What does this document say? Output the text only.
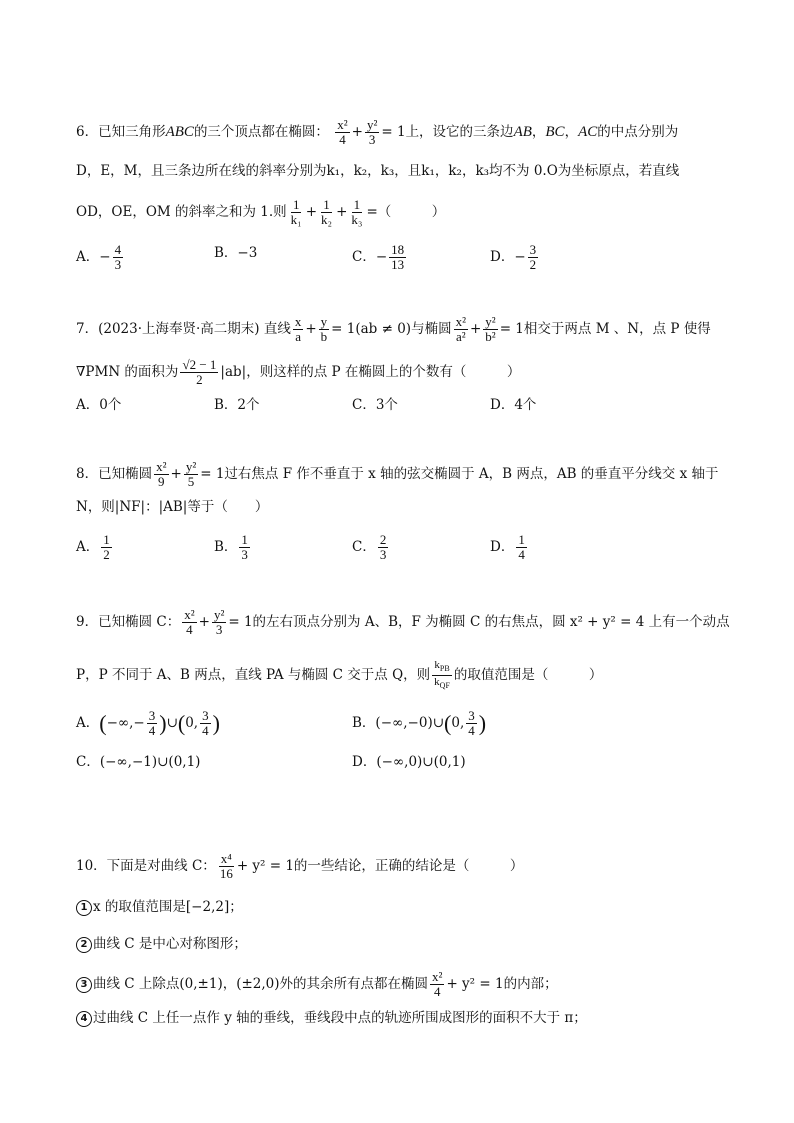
6．已知三角形ABC的三个顶点都在椭圆： $\frac{\text{x²}}{4} + \frac{\text{y²}}{3} = 1$上，设它的三条边AB，BC，AC的中点分别为
D，E，M，且三条边所在线的斜率分别为k₁，k₂，k₃，且k₁，k₂，k₃均不为 0.O为坐标原点，若直线
OD，OE，OM 的斜率之和为 1.则 $\frac{1}{\text{k₁}} + \frac{1}{\text{k₂}} + \frac{1}{\text{k₃}}$ =（　　　）
A．− $\frac{4}{3}$	B．−3	C．− $\frac{18}{13}$	D．− $\frac{3}{2}$
7．(2023·上海奉贤·高二期末) 直线 $\frac{x}{a} + \frac{y}{b} = 1(ab \ne 0)$与椭圆 $\frac{\text{x²}}{\text{a²}} + \frac{\text{y²}}{\text{b²}} = 1$相交于两点 M 、N，点 P 使得
∇PMN 的面积为 $\frac{√2 - 1}{2} |ab|$，则这样的点 P 在椭圆上的个数有（　　　）
A．0个	B．2个	C．3个	D．4个
8．已知椭圆 $\frac{\text{x²}}{9} + \frac{\text{y²}}{5} = 1$过右焦点 F 作不垂直于 x 轴的弦交椭圆于 A，B 两点，AB 的垂直平分线交 x 轴于
N，则|NF|：|AB|等于（　　）
A． $\frac{1}{2}$	B． $\frac{1}{3}$	C． $\frac{2}{3}$	D． $\frac{1}{4}$
9．已知椭圆 C： $\frac{\text{x²}}{4} + \frac{\text{y²}}{3} = 1$的左右顶点分别为 A、B，F 为椭圆 C 的右焦点，圆 x² + y² = 4 上有一个动点
P，P 不同于 A、B 两点，直线 PA 与椭圆 C 交于点 Q，则 $\frac{k_{PB}}{k_{QF}}$ 的取值范围是（　　　）
A．(−∞,− $\frac{3}{4}$ )∪(0, $\frac{3}{4}$ )	B．(−∞,−0)∪(0, $\frac{3}{4}$ )
C．(−∞,−1)∪(0,1)	D．(−∞,0)∪(0,1)
10．下面是对曲线 C： $\frac{\text{x⁴}}{16} + y^2 = 1$的一些结论，正确的结论是（　　　）
1 x 的取值范围是[−2,2]；
2 曲线 C 是中心对称图形；
3 曲线 C 上除点(0,±1)，(±2,0)外的其余所有点都在椭圆 $\frac{\text{x²}}{4} + y^2 = 1$的内部；
4 过曲线 C 上任一点作 y 轴的垂线，垂线段中点的轨迹所围成图形的面积不大于 π；
